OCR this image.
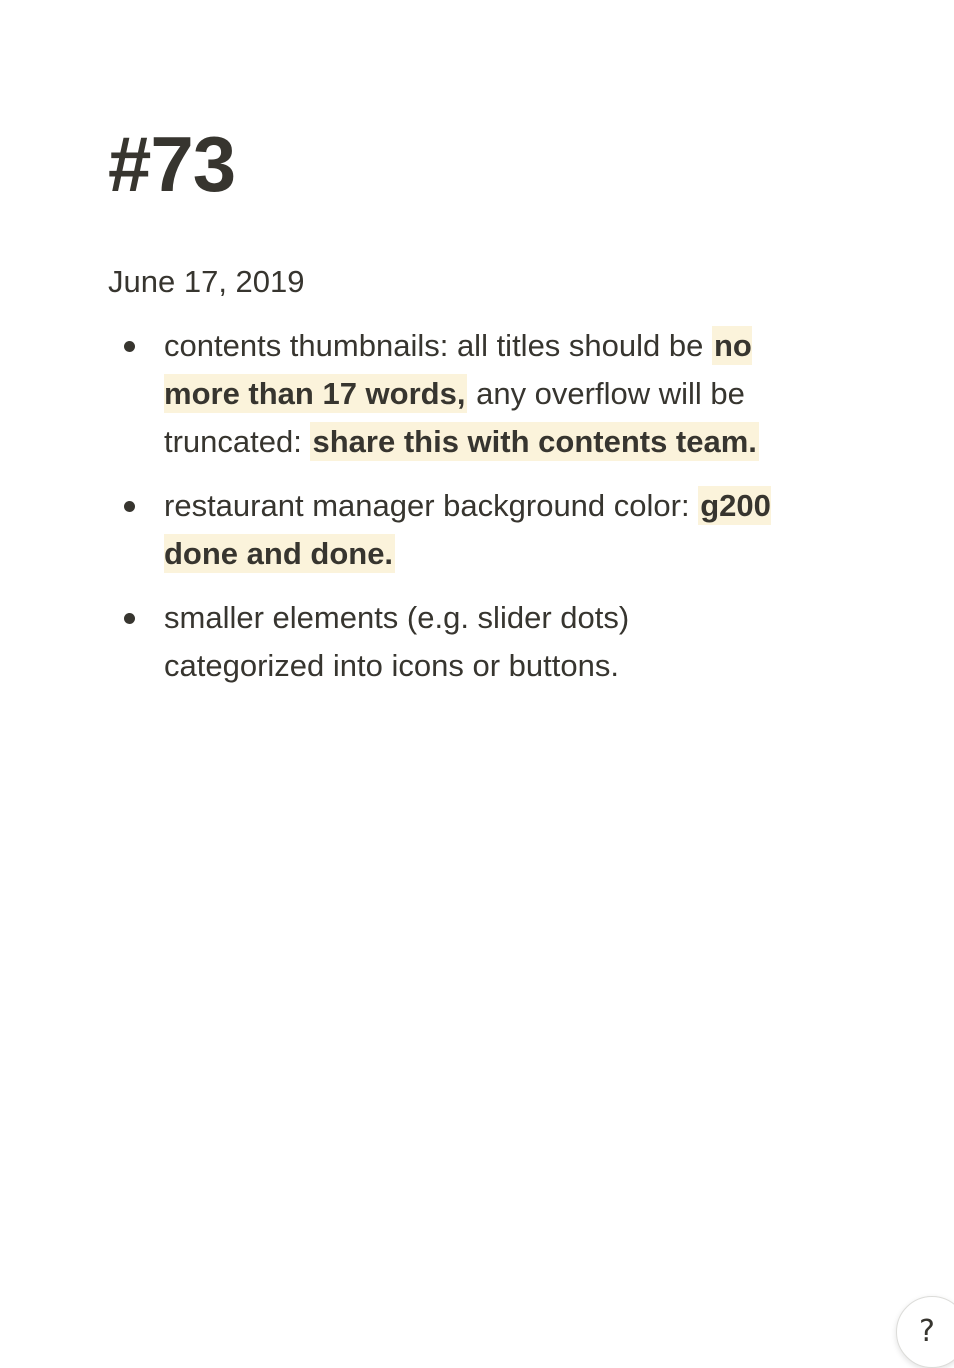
#73
June 17, 2019
contents thumbnails: all titles should be no more than 17 words, any overflow will be truncated: share this with contents team.
restaurant manager background color: g200 done and done.
smaller elements (e.g. slider dots) categorized into icons or buttons.
?
